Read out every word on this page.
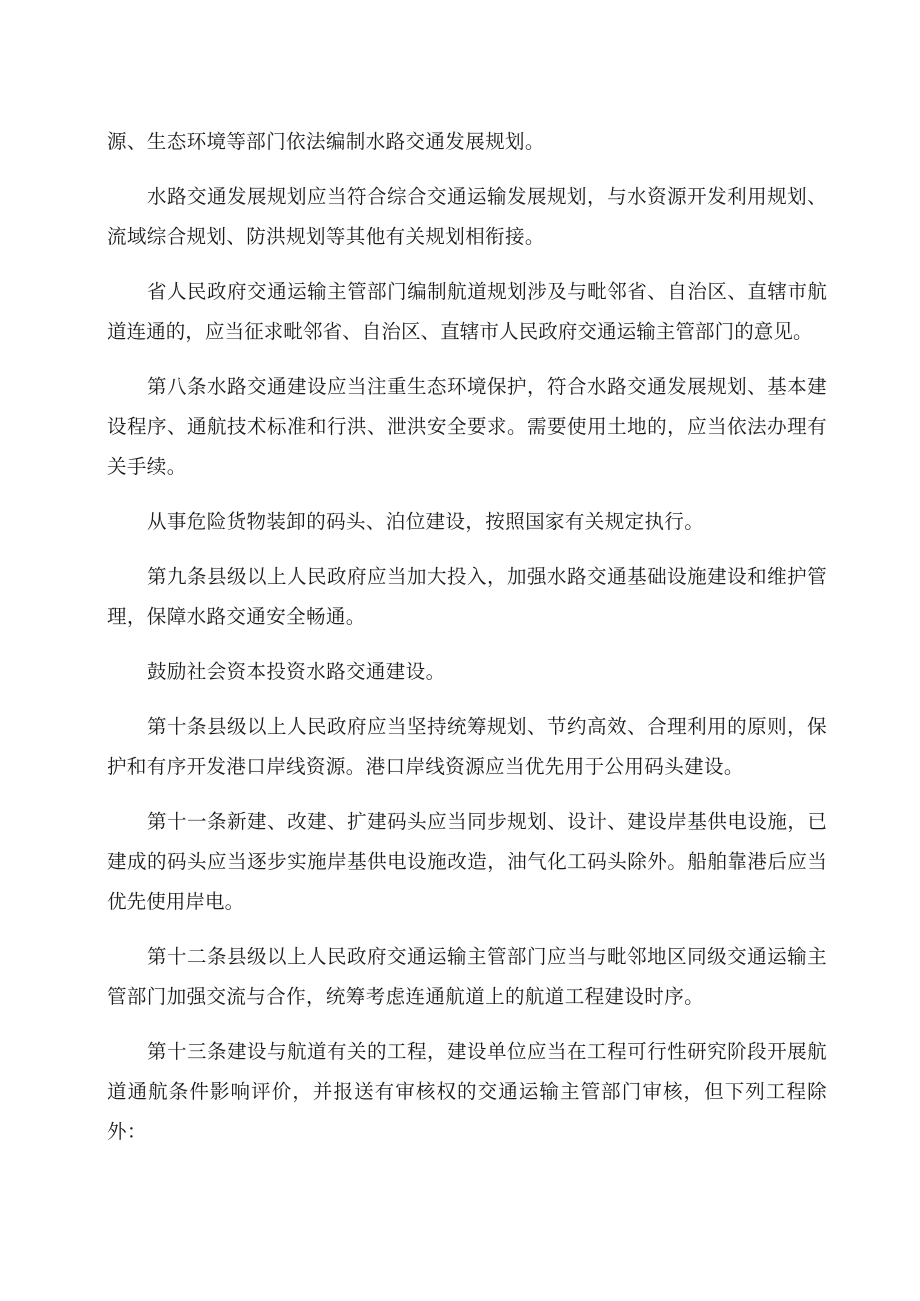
源、生态环境等部门依法编制水路交通发展规划。

水路交通发展规划应当符合综合交通运输发展规划，与水资源开发利用规划、流域综合规划、防洪规划等其他有关规划相衔接。

省人民政府交通运输主管部门编制航道规划涉及与毗邻省、自治区、直辖市航道连通的，应当征求毗邻省、自治区、直辖市人民政府交通运输主管部门的意见。

第八条水路交通建设应当注重生态环境保护，符合水路交通发展规划、基本建设程序、通航技术标准和行洪、泄洪安全要求。需要使用土地的，应当依法办理有关手续。

从事危险货物装卸的码头、泊位建设，按照国家有关规定执行。

第九条县级以上人民政府应当加大投入，加强水路交通基础设施建设和维护管理，保障水路交通安全畅通。

鼓励社会资本投资水路交通建设。

第十条县级以上人民政府应当坚持统筹规划、节约高效、合理利用的原则，保护和有序开发港口岸线资源。港口岸线资源应当优先用于公用码头建设。

第十一条新建、改建、扩建码头应当同步规划、设计、建设岸基供电设施，已建成的码头应当逐步实施岸基供电设施改造，油气化工码头除外。船舶靠港后应当优先使用岸电。

第十二条县级以上人民政府交通运输主管部门应当与毗邻地区同级交通运输主管部门加强交流与合作，统筹考虑连通航道上的航道工程建设时序。

第十三条建设与航道有关的工程，建设单位应当在工程可行性研究阶段开展航道通航条件影响评价，并报送有审核权的交通运输主管部门审核，但下列工程除外：
